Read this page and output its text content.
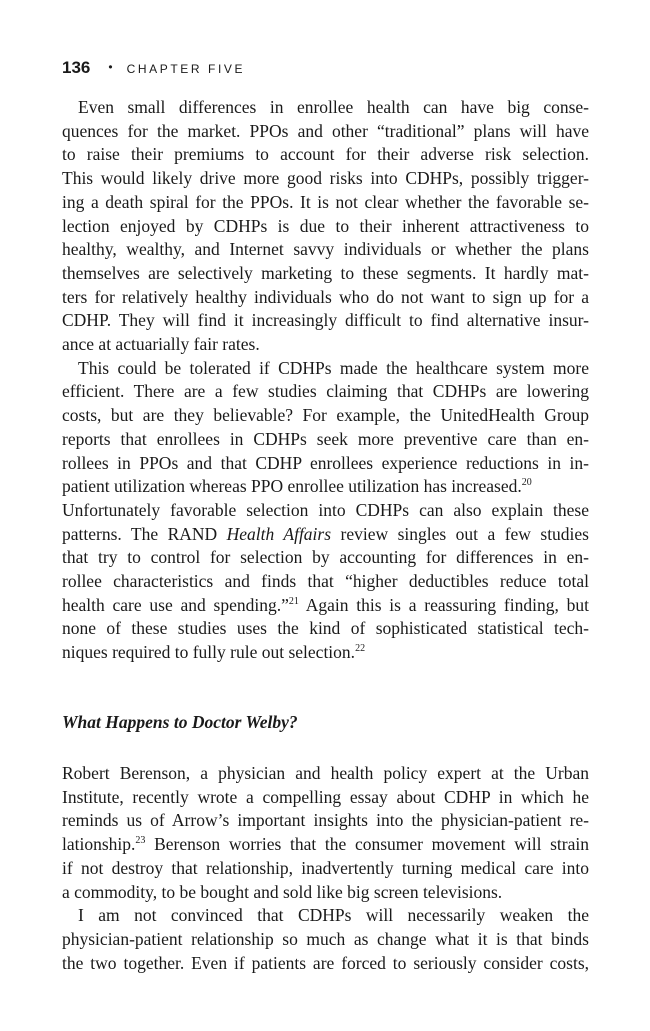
136 • CHAPTER FIVE
Even small differences in enrollee health can have big conse-
quences for the market. PPOs and other “traditional” plans will have
to raise their premiums to account for their adverse risk selection.
This would likely drive more good risks into CDHPs, possibly trigger-
ing a death spiral for the PPOs. It is not clear whether the favorable se-
lection enjoyed by CDHPs is due to their inherent attractiveness to
healthy, wealthy, and Internet savvy individuals or whether the plans
themselves are selectively marketing to these segments. It hardly mat-
ters for relatively healthy individuals who do not want to sign up for a
CDHP. They will find it increasingly difficult to find alternative insur-
ance at actuarially fair rates.
This could be tolerated if CDHPs made the healthcare system more
efficient. There are a few studies claiming that CDHPs are lowering
costs, but are they believable? For example, the UnitedHealth Group
reports that enrollees in CDHPs seek more preventive care than en-
rollees in PPOs and that CDHP enrollees experience reductions in in-
patient utilization whereas PPO enrollee utilization has increased.$^{20}$
Unfortunately favorable selection into CDHPs can also explain these
patterns. The RAND Health Affairs review singles out a few studies
that try to control for selection by accounting for differences in en-
rollee characteristics and finds that “higher deductibles reduce total
health care use and spending.”$^{21}$ Again this is a reassuring finding, but
none of these studies uses the kind of sophisticated statistical tech-
niques required to fully rule out selection.$^{22}$
What Happens to Doctor Welby?
Robert Berenson, a physician and health policy expert at the Urban
Institute, recently wrote a compelling essay about CDHP in which he
reminds us of Arrow’s important insights into the physician-patient re-
lationship.$^{23}$ Berenson worries that the consumer movement will strain
if not destroy that relationship, inadvertently turning medical care into
a commodity, to be bought and sold like big screen televisions.
I am not convinced that CDHPs will necessarily weaken the
physician-patient relationship so much as change what it is that binds
the two together. Even if patients are forced to seriously consider costs,
